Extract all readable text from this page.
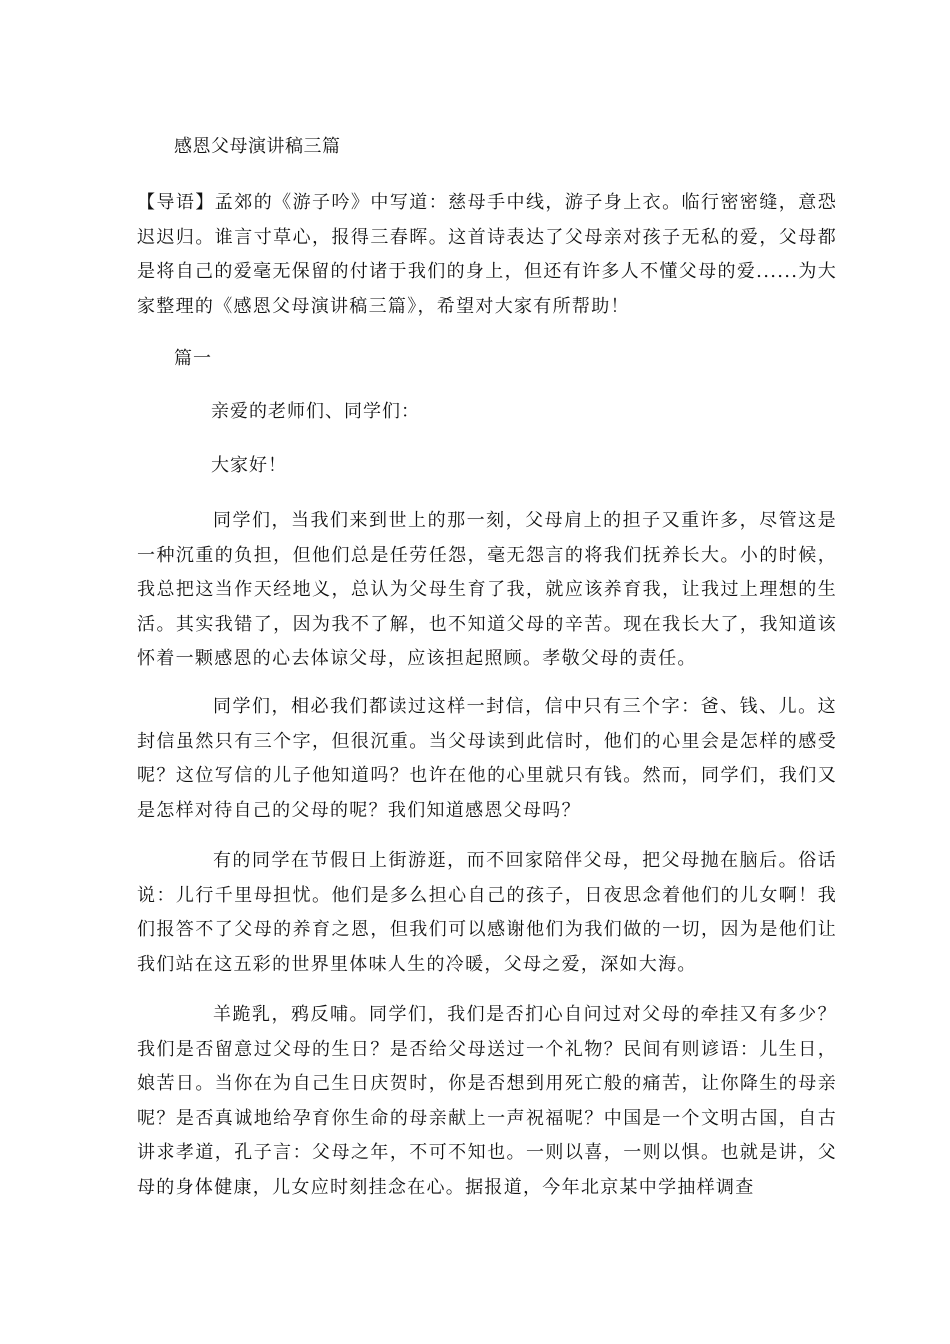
感恩父母演讲稿三篇
【导语】孟郊的《游子吟》中写道：慈母手中线，游子身上衣。临行密密缝，意恐迟迟归。谁言寸草心，报得三春晖。这首诗表达了父母亲对孩子无私的爱，父母都是将自己的爱毫无保留的付诸于我们的身上，但还有许多人不懂父母的爱......为大家整理的《感恩父母演讲稿三篇》，希望对大家有所帮助！
篇一
亲爱的老师们、同学们：
大家好！
同学们，当我们来到世上的那一刻，父母肩上的担子又重许多，尽管这是一种沉重的负担，但他们总是任劳任怨，毫无怨言的将我们抚养长大。小的时候，我总把这当作天经地义，总认为父母生育了我，就应该养育我，让我过上理想的生活。其实我错了，因为我不了解，也不知道父母的辛苦。现在我长大了，我知道该怀着一颗感恩的心去体谅父母，应该担起照顾。孝敬父母的责任。
同学们，相必我们都读过这样一封信，信中只有三个字：爸、钱、儿。这封信虽然只有三个字，但很沉重。当父母读到此信时，他们的心里会是怎样的感受呢？这位写信的儿子他知道吗？也许在他的心里就只有钱。然而，同学们，我们又是怎样对待自己的父母的呢？我们知道感恩父母吗？
有的同学在节假日上街游逛，而不回家陪伴父母，把父母抛在脑后。俗话说：儿行千里母担忧。他们是多么担心自己的孩子，日夜思念着他们的儿女啊！我们报答不了父母的养育之恩，但我们可以感谢他们为我们做的一切，因为是他们让我们站在这五彩的世界里体味人生的冷暖，父母之爱，深如大海。
羊跪乳，鸦反哺。同学们，我们是否扪心自问过对父母的牵挂又有多少？我们是否留意过父母的生日？是否给父母送过一个礼物？民间有则谚语：儿生日，娘苦日。当你在为自己生日庆贺时，你是否想到用死亡般的痛苦，让你降生的母亲呢？是否真诚地给孕育你生命的母亲献上一声祝福呢？中国是一个文明古国，自古讲求孝道，孔子言：父母之年，不可不知也。一则以喜，一则以惧。也就是讲，父母的身体健康，儿女应时刻挂念在心。据报道，今年北京某中学抽样调查
